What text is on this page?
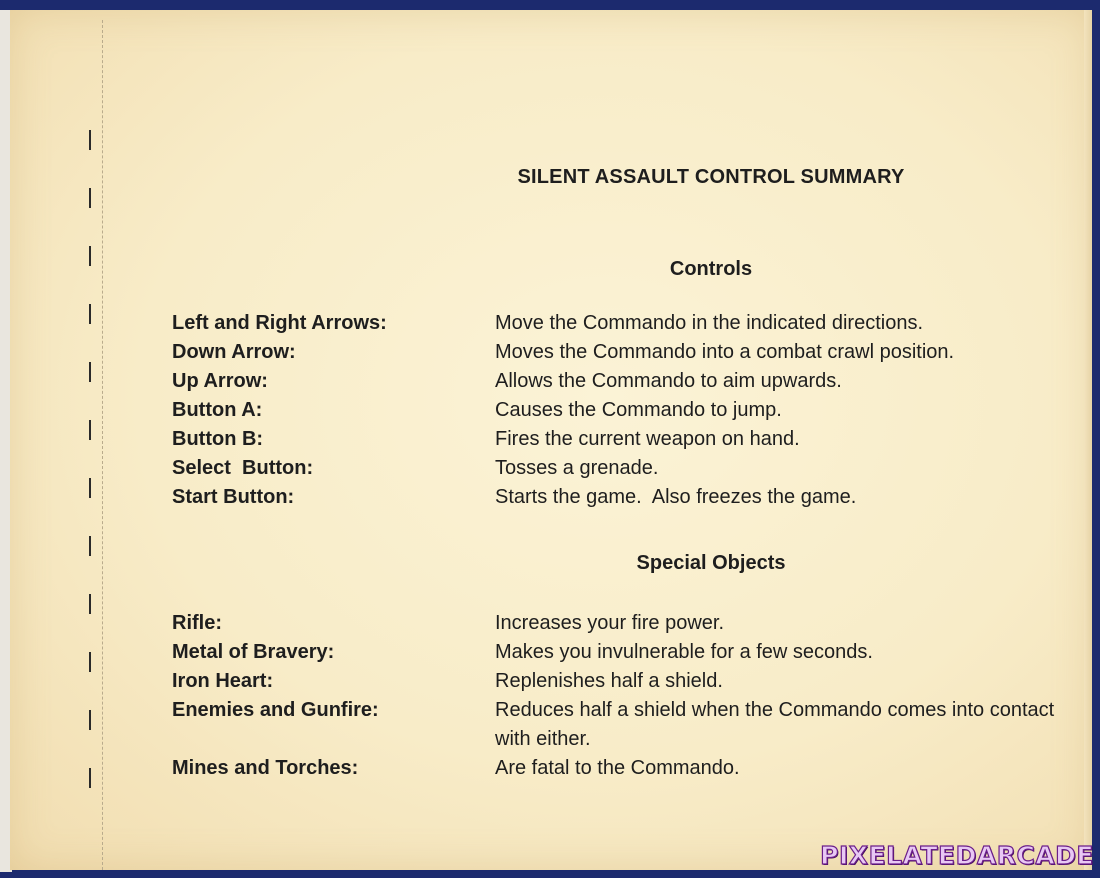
SILENT ASSAULT CONTROL SUMMARY
Controls
Left and Right Arrows:	Move the Commando in the indicated directions.
Down Arrow:	Moves the Commando into a combat crawl position.
Up Arrow:	Allows the Commando to aim upwards.
Button A:	Causes the Commando to jump.
Button B:	Fires the current weapon on hand.
Select  Button:	Tosses a grenade.
Start Button:	Starts the game.  Also freezes the game.
Special Objects
Rifle:	Increases your fire power.
Metal of Bravery:	Makes you invulnerable for a few seconds.
Iron Heart:	Replenishes half a shield.
Enemies and Gunfire:	Reduces half a shield when the Commando comes into contact with either.
Mines and Torches:	Are fatal to the Commando.
PIXELATEDARCADE
